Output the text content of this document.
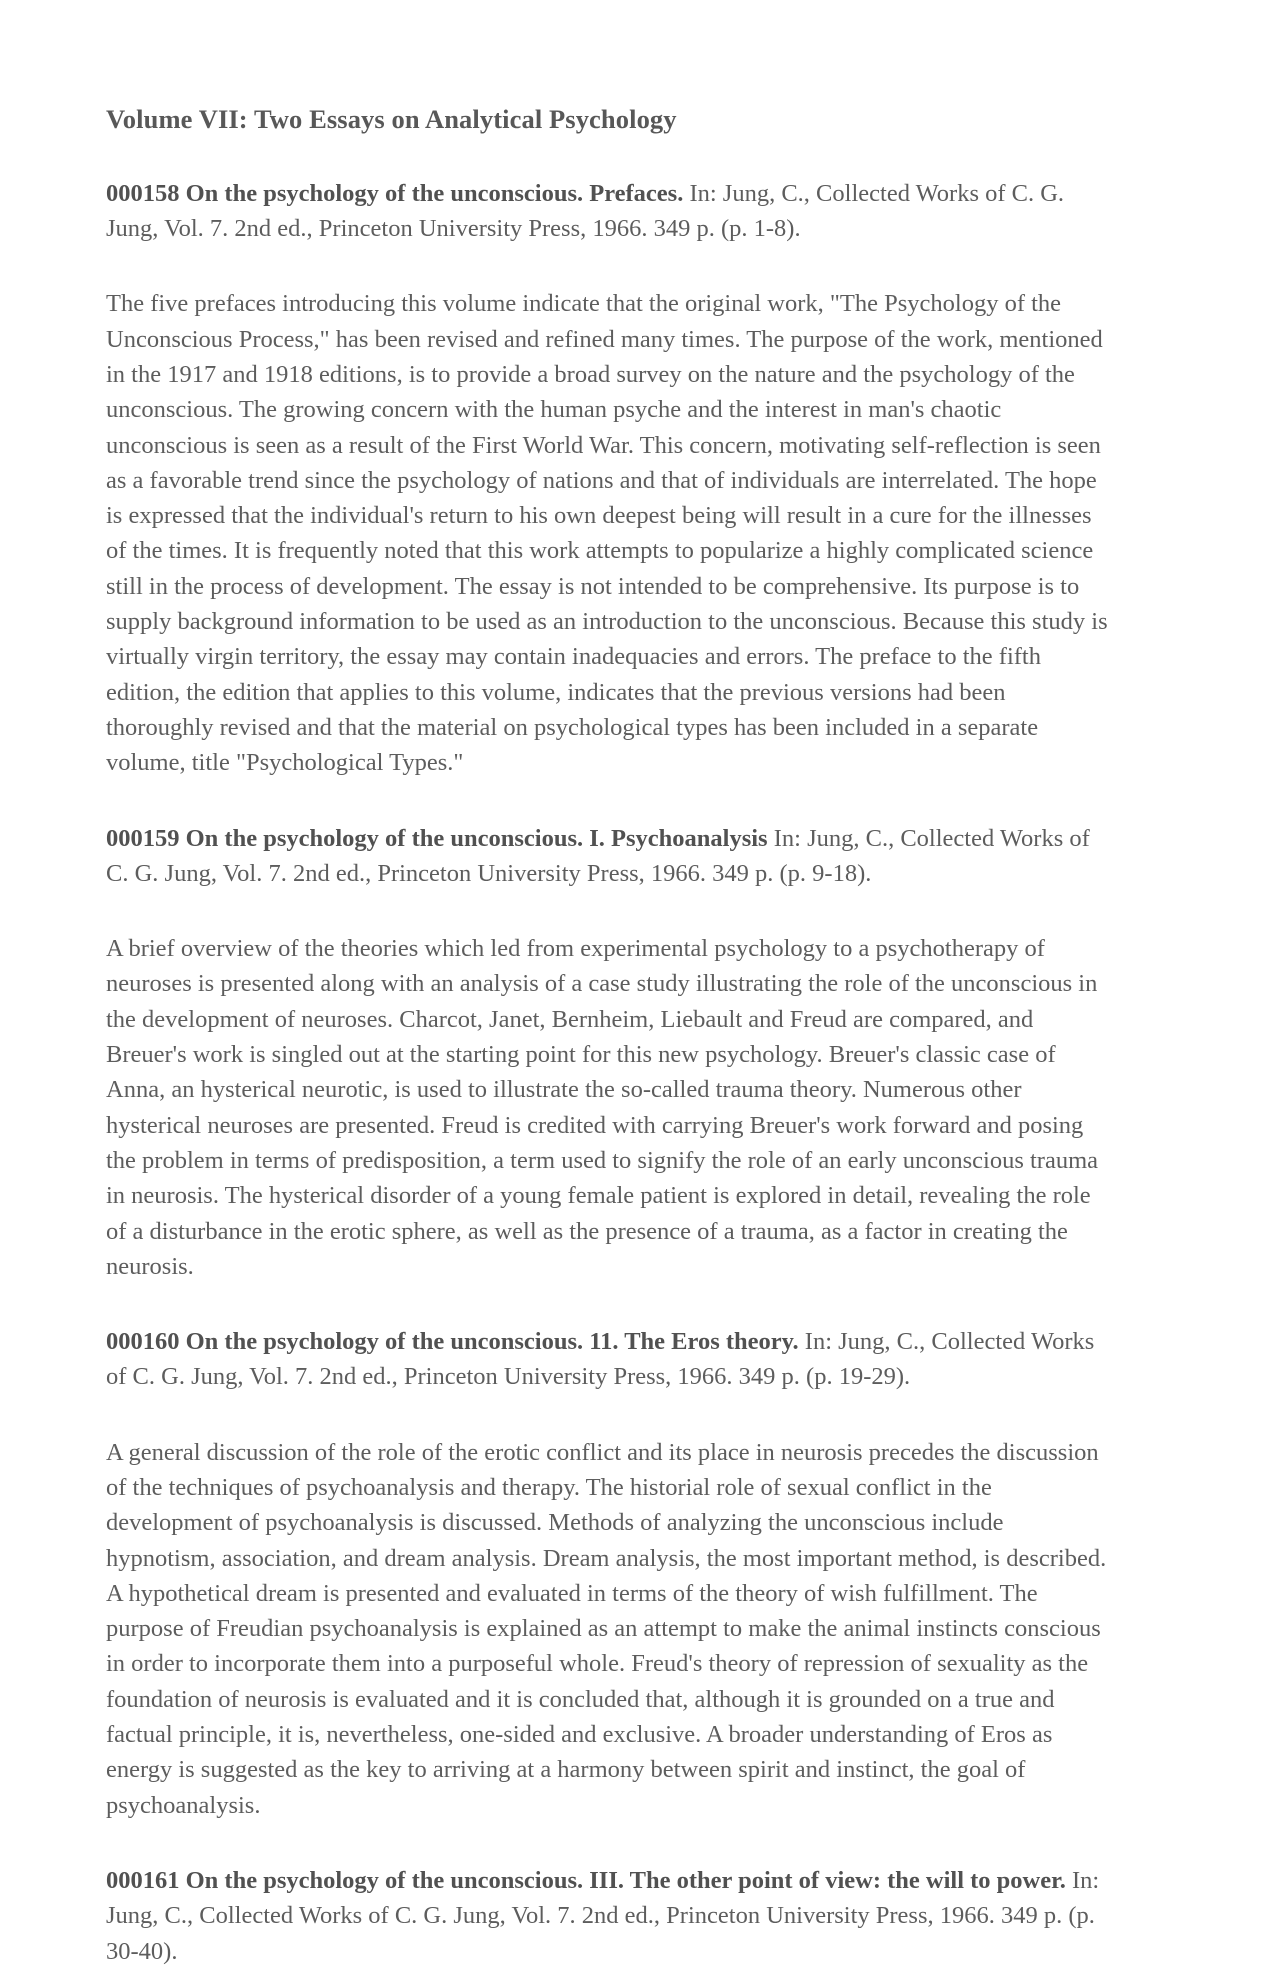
Volume VII: Two Essays on Analytical Psychology

000158 On the psychology of the unconscious. Prefaces. In: Jung, C., Collected Works of C. G. Jung, Vol. 7. 2nd ed., Princeton University Press, 1966. 349 p. (p. 1-8).

The five prefaces introducing this volume indicate that the original work, "The Psychology of the Unconscious Process," has been revised and refined many times. The purpose of the work, mentioned in the 1917 and 1918 editions, is to provide a broad survey on the nature and the psychology of the unconscious. The growing concern with the human psyche and the interest in man's chaotic unconscious is seen as a result of the First World War. This concern, motivating self-reflection is seen as a favorable trend since the psychology of nations and that of individuals are interrelated. The hope is expressed that the individual's return to his own deepest being will result in a cure for the illnesses of the times. It is frequently noted that this work attempts to popularize a highly complicated science still in the process of development. The essay is not intended to be comprehensive. Its purpose is to supply background information to be used as an introduction to the unconscious. Because this study is virtually virgin territory, the essay may contain inadequacies and errors. The preface to the fifth edition, the edition that applies to this volume, indicates that the previous versions had been thoroughly revised and that the material on psychological types has been included in a separate volume, title "Psychological Types."

000159 On the psychology of the unconscious. I. Psychoanalysis In: Jung, C., Collected Works of C. G. Jung, Vol. 7. 2nd ed., Princeton University Press, 1966. 349 p. (p. 9-18).

A brief overview of the theories which led from experimental psychology to a psychotherapy of neuroses is presented along with an analysis of a case study illustrating the role of the unconscious in the development of neuroses. Charcot, Janet, Bernheim, Liebault and Freud are compared, and Breuer's work is singled out at the starting point for this new psychology. Breuer's classic case of Anna, an hysterical neurotic, is used to illustrate the so-called trauma theory. Numerous other hysterical neuroses are presented. Freud is credited with carrying Breuer's work forward and posing the problem in terms of predisposition, a term used to signify the role of an early unconscious trauma in neurosis. The hysterical disorder of a young female patient is explored in detail, revealing the role of a disturbance in the erotic sphere, as well as the presence of a trauma, as a factor in creating the neurosis.

000160 On the psychology of the unconscious. 11. The Eros theory. In: Jung, C., Collected Works of C. G. Jung, Vol. 7. 2nd ed., Princeton University Press, 1966. 349 p. (p. 19-29).

A general discussion of the role of the erotic conflict and its place in neurosis precedes the discussion of the techniques of psychoanalysis and therapy. The historial role of sexual conflict in the development of psychoanalysis is discussed. Methods of analyzing the unconscious include hypnotism, association, and dream analysis. Dream analysis, the most important method, is described. A hypothetical dream is presented and evaluated in terms of the theory of wish fulfillment. The purpose of Freudian psychoanalysis is explained as an attempt to make the animal instincts conscious in order to incorporate them into a purposeful whole. Freud's theory of repression of sexuality as the foundation of neurosis is evaluated and it is concluded that, although it is grounded on a true and factual principle, it is, nevertheless, one-sided and exclusive. A broader understanding of Eros as energy is suggested as the key to arriving at a harmony between spirit and instinct, the goal of psychoanalysis.

000161 On the psychology of the unconscious. III. The other point of view: the will to power. In: Jung, C., Collected Works of C. G. Jung, Vol. 7. 2nd ed., Princeton University Press, 1966. 349 p. (p. 30-40).
